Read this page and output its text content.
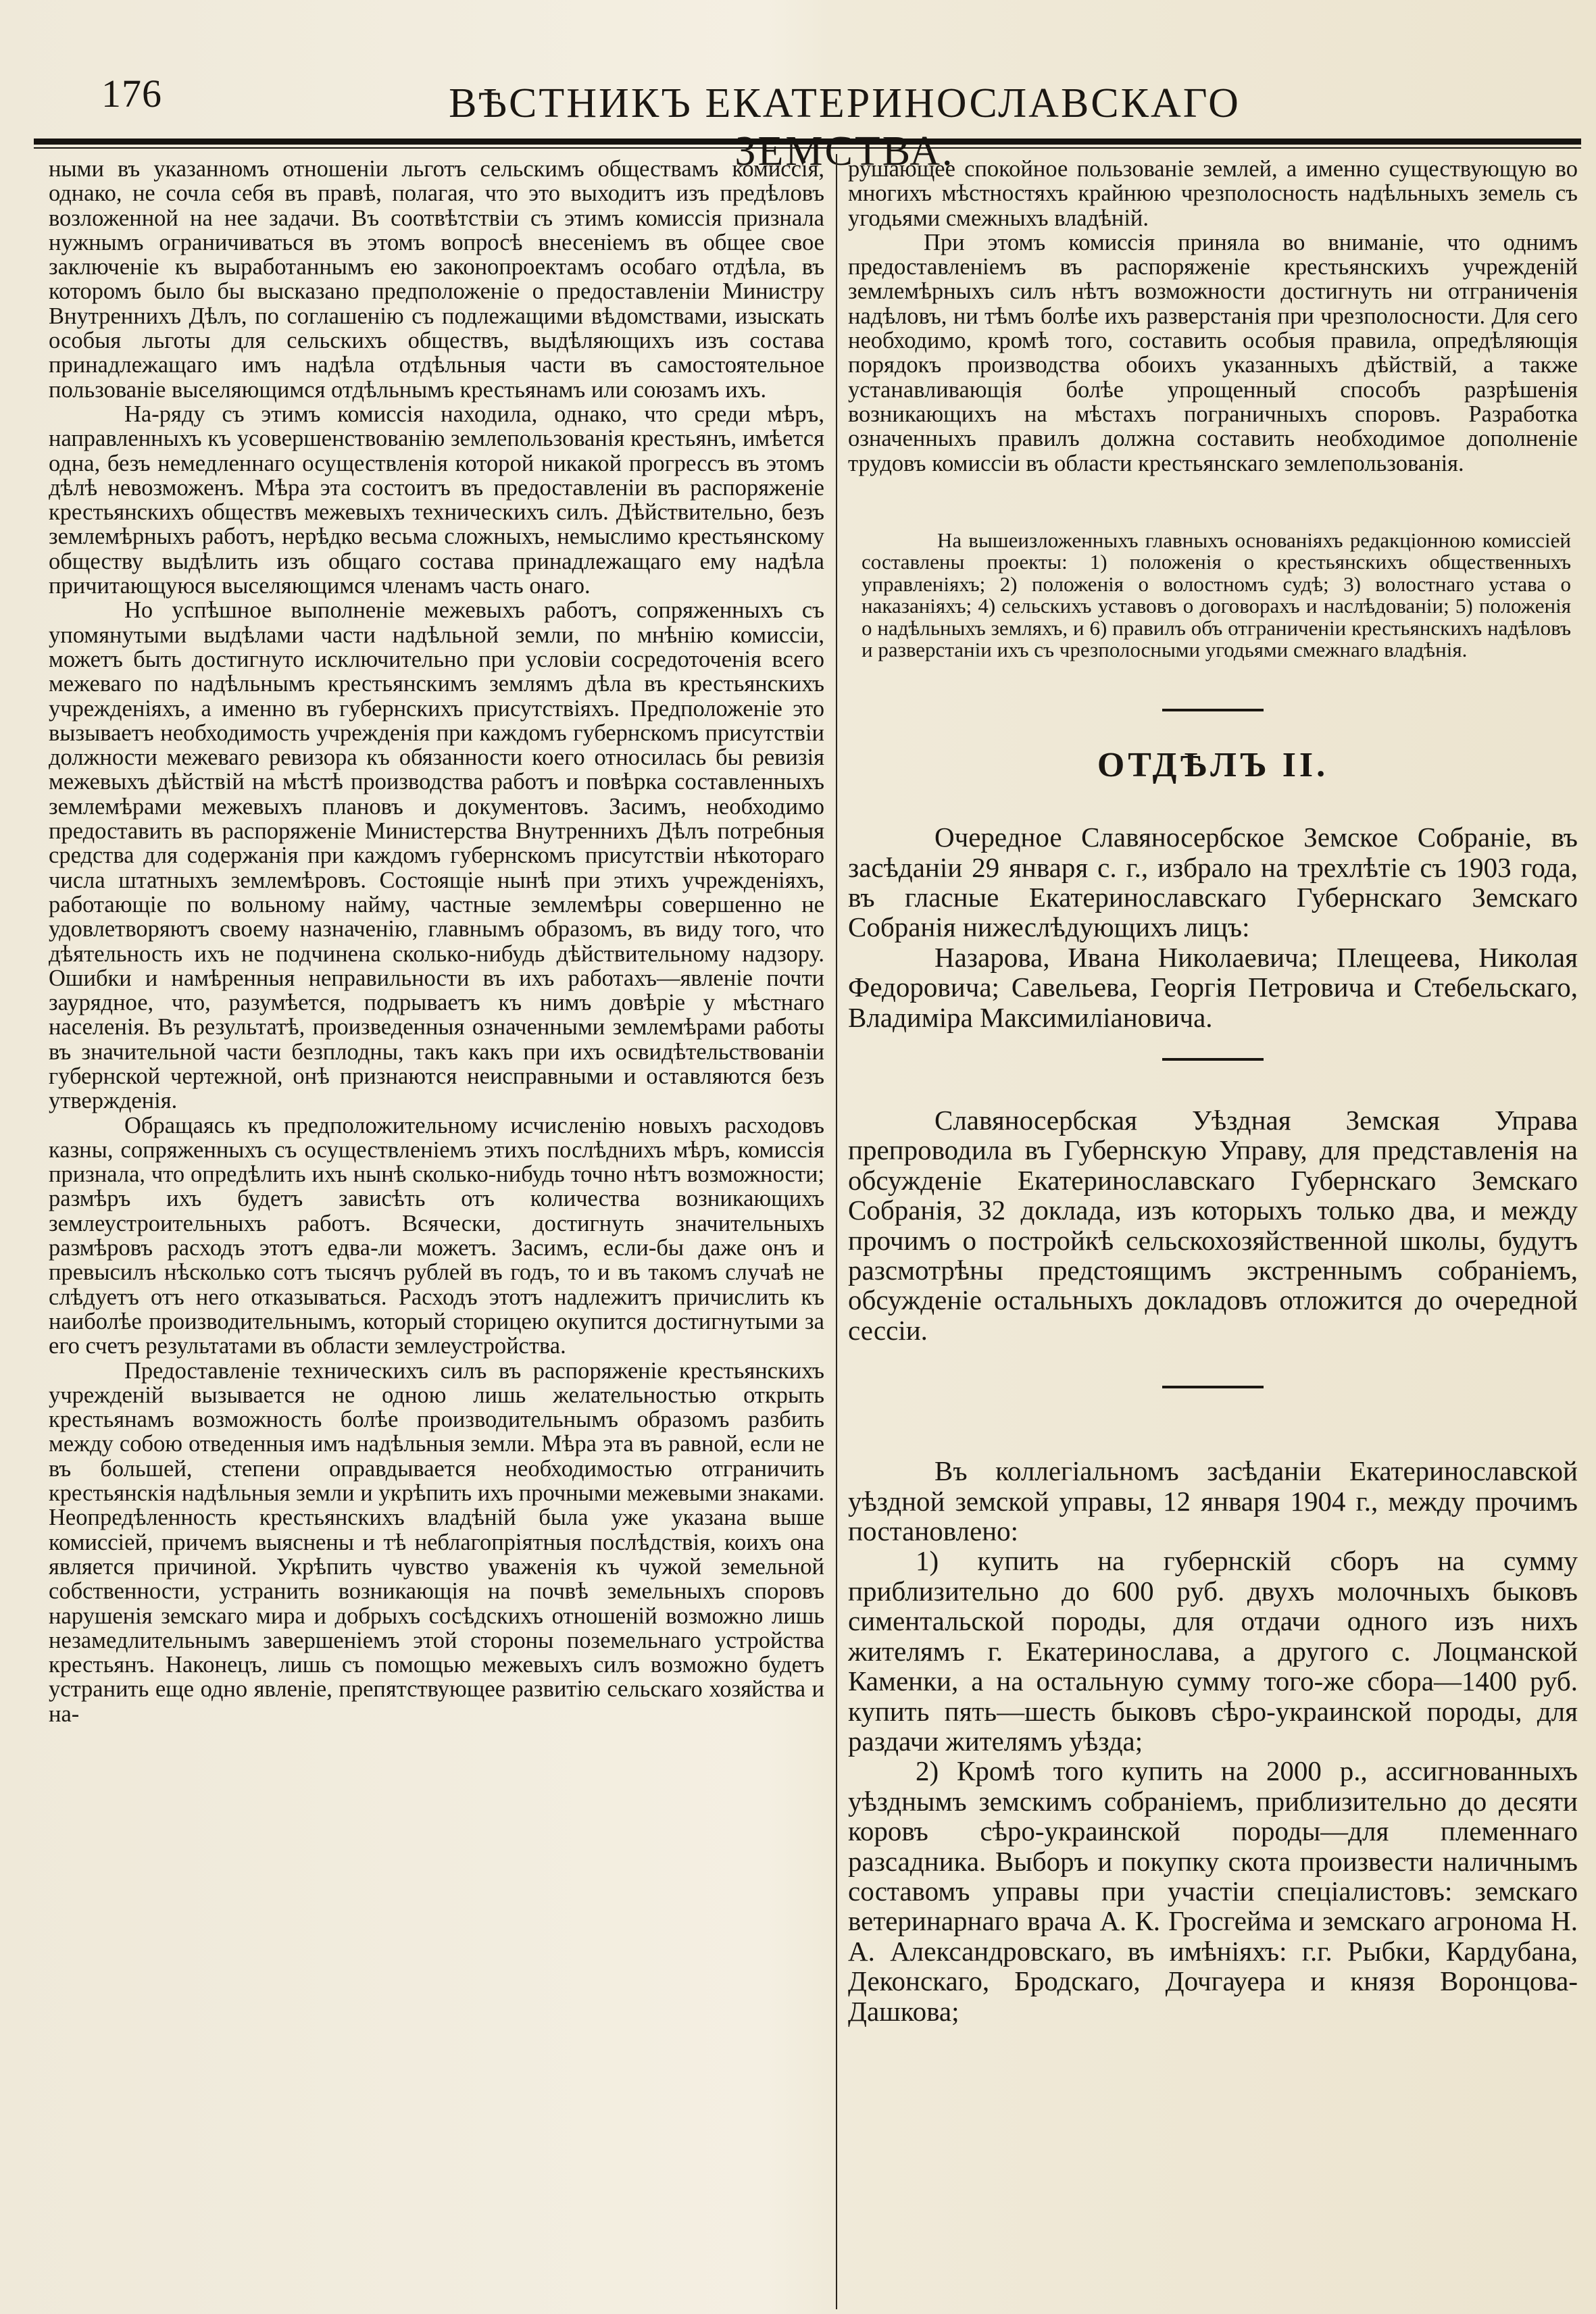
176	ВѢСТНИКЪ ЕКАТЕРИНОСЛАВСКАГО ЗЕМСТВА.

ными въ указанномъ отношенiи льготъ сельскимъ обществамъ комиссiя, однако, не сочла себя въ правѣ, полагая, что это выходитъ изъ предѣловъ возложенной на нее задачи. Въ соотвѣтствiи съ этимъ комиссiя признала нужнымъ ограничиваться въ этомъ вопросѣ внесенiемъ въ общее свое заключенiе къ выработаннымъ ею законопроектамъ особаго отдѣла, въ которомъ было бы высказано предположенiе о предоставленiи Министру Внутреннихъ Дѣлъ, по соглашенiю съ подлежащими вѣдомствами, изыскать особыя льготы для сельскихъ обществъ, выдѣляющихъ изъ состава принадлежащаго имъ надѣла отдѣльныя части въ самостоятельное пользованiе выселяющимся отдѣльнымъ крестьянамъ или союзамъ ихъ.

На-ряду съ этимъ комиссiя находила, однако, что среди мѣръ, направленныхъ къ усовершенствованiю землепользованiя крестьянъ, имѣется одна, безъ немедленнаго осуществленiя которой никакой прогрессъ въ этомъ дѣлѣ невозможенъ. Мѣра эта состоитъ въ предоставленiи въ распоряженiе крестьянскихъ обществъ межевыхъ техническихъ силъ. Дѣйствительно, безъ землемѣрныхъ работъ, нерѣдко весьма сложныхъ, немыслимо крестьянскому обществу выдѣлить изъ общаго состава принадлежащаго ему надѣла причитающуюся выселяющимся членамъ часть онаго.

Но успѣшное выполненiе межевыхъ работъ, сопряженныхъ съ упомянутыми выдѣлами части надѣльной земли, по мнѣнiю комиссiи, можетъ быть достигнуто исключительно при условiи сосредоточенiя всего межеваго по надѣльнымъ крестьянскимъ землямъ дѣла въ крестьянскихъ учрежденiяхъ, а именно въ губернскихъ присутствiяхъ. Предположенiе это вызываетъ необходимость учрежденiя при каждомъ губернскомъ присутствiи должности межеваго ревизора къ обязанности коего относилась бы ревизiя межевыхъ дѣйствiй на мѣстѣ производства работъ и повѣрка составленныхъ землемѣрами межевыхъ плановъ и документовъ. Засимъ, необходимо предоставить въ распоряженiе Министерства Внутреннихъ Дѣлъ потребныя средства для содержанiя при каждомъ губернскомъ присутствiи нѣкотораго числа штатныхъ землемѣровъ. Состоящiе нынѣ при этихъ учрежденiяхъ, работающiе по вольному найму, частные землемѣры совершенно не удовлетворяютъ своему назначенiю, главнымъ образомъ, въ виду того, что дѣятельность ихъ не подчинена сколько-нибудь дѣйствительному надзору. Ошибки и намѣренныя неправильности въ ихъ работахъ—явленiе почти заурядное, что, разумѣется, подрываетъ къ нимъ довѣрiе у мѣстнаго населенiя. Въ результатѣ, произведенныя означенными землемѣрами работы въ значительной части безплодны, такъ какъ при ихъ освидѣтельствованiи губернской чертежной, онѣ признаются неисправными и оставляются безъ утвержденiя.

Обращаясь къ предположительному исчисленiю новыхъ расходовъ казны, сопряженныхъ съ осуществленiемъ этихъ послѣднихъ мѣръ, комиссiя признала, что опредѣлить ихъ нынѣ сколько-нибудь точно нѣтъ возможности; размѣръ ихъ будетъ зависѣть отъ количества возникающихъ землеустроительныхъ работъ. Всячески, достигнуть значительныхъ размѣровъ расходъ этотъ едва-ли можетъ. Засимъ, если-бы даже онъ и превысилъ нѣсколько сотъ тысячъ рублей въ годъ, то и въ такомъ случаѣ не слѣдуетъ отъ него отказываться. Расходъ этотъ надлежитъ причислить къ наиболѣе производительнымъ, который сторицею окупится достигнутыми за его счетъ результатами въ области землеустройства.

Предоставленiе техническихъ силъ въ распоряженiе крестьянскихъ учрежденiй вызывается не одною лишь желательностью открыть крестьянамъ возможность болѣе производительнымъ образомъ разбить между собою отведенныя имъ надѣльныя земли. Мѣра эта въ равной, если не въ большей, степени оправдывается необходимостью отграничить крестьянскiя надѣльныя земли и укрѣпить ихъ прочными межевыми знаками. Неопредѣленность крестьянскихъ владѣнiй была уже указана выше комиссiей, причемъ выяснены и тѣ неблагопрiятныя послѣдствiя, коихъ она является причиной. Укрѣпить чувство уваженiя къ чужой земельной собственности, устранить возникающiя на почвѣ земельныхъ споровъ нарушенiя земскаго мира и добрыхъ сосѣдскихъ отношенiй возможно лишь незамедлительнымъ завершенiемъ этой стороны поземельнаго устройства крестьянъ. Наконецъ, лишь съ помощью межевыхъ силъ возможно будетъ устранить еще одно явленiе, препятствующее развитiю сельскаго хозяйства и на-

рушающее спокойное пользованiе землей, а именно существующую во многихъ мѣстностяхъ крайнюю чрезполосность надѣльныхъ земель съ угодьями смежныхъ владѣнiй.

При этомъ комиссiя приняла во вниманiе, что однимъ предоставленiемъ въ распоряженiе крестьянскихъ учрежденiй землемѣрныхъ силъ нѣтъ возможности достигнуть ни отграниченiя надѣловъ, ни тѣмъ болѣе ихъ разверстанiя при чрезполосности. Для сего необходимо, кромѣ того, составить особыя правила, опредѣляющiя порядокъ производства обоихъ указанныхъ дѣйствiй, а также устанавливающiя болѣе упрощенный способъ разрѣшенiя возникающихъ на мѣстахъ пограничныхъ споровъ. Разработка означенныхъ правилъ должна составить необходимое дополненiе трудовъ комиссiи въ области крестьянскаго землепользованiя.

На вышеизложенныхъ главныхъ основанiяхъ редакцiонною комиссiей составлены проекты: 1) положенiя о крестьянскихъ общественныхъ управленiяхъ; 2) положенiя о волостномъ судѣ; 3) волостнаго устава о наказанiяхъ; 4) сельскихъ уставовъ о договорахъ и наслѣдованiи; 5) положенiя о надѣльныхъ земляхъ, и 6) правилъ объ отграниченiи крестьянскихъ надѣловъ и разверстанiи ихъ съ чрезполосными угодьями смежнаго владѣнiя.

ОТДѢЛЪ II.

Очередное Славяносербское Земское Собранiе, въ засѣданiи 29 января с. г., избрало на трехлѣтiе съ 1903 года, въ гласные Екатеринославскаго Губернскаго Земскаго Собранiя нижеслѣдующихъ лицъ:

Назарова, Ивана Николаевича; Плещеева, Николая Федоровича; Савельева, Георгiя Петровича и Стебельскаго, Владимiра Максимилiановича.

Славяносербская Уѣздная Земская Управа препроводила въ Губернскую Управу, для представленiя на обсужденiе Екатеринославскаго Губернскаго Земскаго Собранiя, 32 доклада, изъ которыхъ только два, и между прочимъ о постройкѣ сельскохозяйственной школы, будутъ разсмотрѣны предстоящимъ экстреннымъ собранiемъ, обсужденiе остальныхъ докладовъ отложится до очередной сессiи.

Въ коллегiальномъ засѣданiи Екатеринославской уѣздной земской управы, 12 января 1904 г., между прочимъ постановлено:

1) купить на губернскiй сборъ на сумму приблизительно до 600 руб. двухъ молочныхъ быковъ симентальской породы, для отдачи одного изъ нихъ жителямъ г. Екатеринослава, а другого с. Лоцманской Каменки, а на остальную сумму того-же сбора—1400 руб. купить пять—шесть быковъ сѣро-украинской породы, для раздачи жителямъ уѣзда;

2) Кромѣ того купить на 2000 р., ассигнованныхъ уѣзднымъ земскимъ собранiемъ, приблизительно до десяти коровъ сѣро-украинской породы—для племеннаго разсадника. Выборъ и покупку скота произвести наличнымъ составомъ управы при участiи спецiалистовъ: земскаго ветеринарнаго врача А. К. Гросгейма и земскаго агронома Н. А. Александровскаго, въ имѣнiяхъ: г.г. Рыбки, Кардубана, Деконскаго, Бродскаго, Дочгауера и князя Воронцова-Дашкова;
